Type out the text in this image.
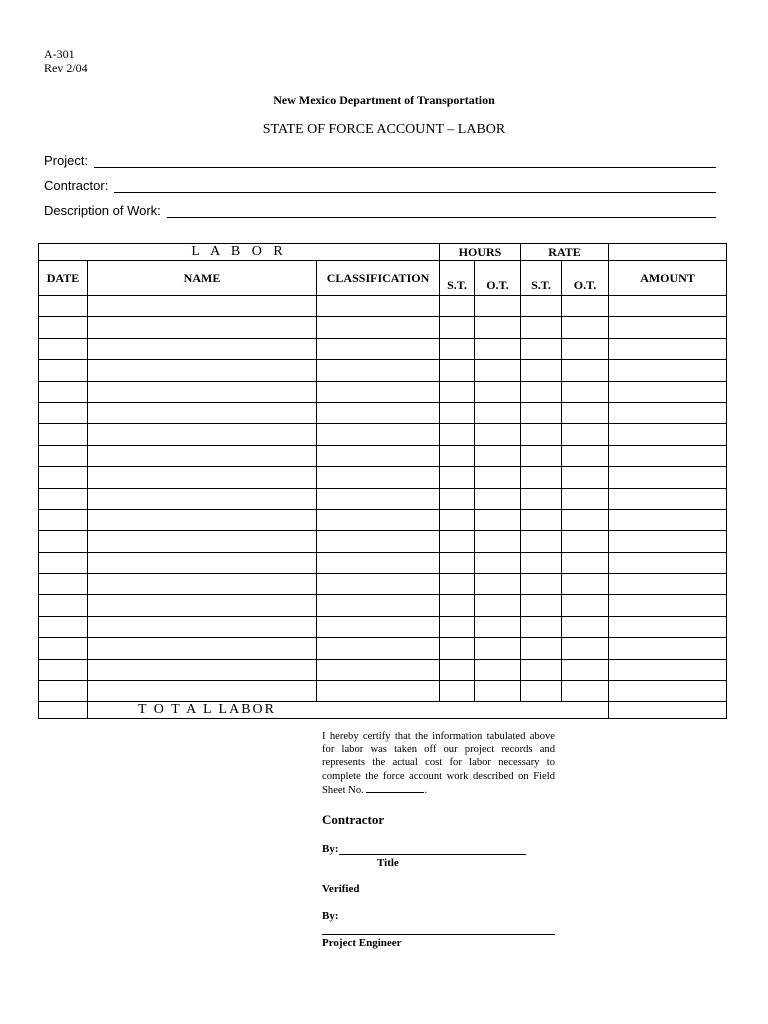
A-301
Rev 2/04
New Mexico Department of Transportation
STATE OF FORCE ACCOUNT – LABOR
Project:
Contractor:
Description of Work:
L A B O R			HOURS		RATE		
DATE	NAME	CLASSIFICATION	S.T.	O.T.	S.T.	O.T.	AMOUNT

	T O T A L LABOR						
I hereby certify that the information tabulated above for labor was taken off our project records and represents the actual cost for labor necessary to complete the force account work described on Field Sheet No.	.
Contractor
By:
Title
Verified
By:
Project Engineer
